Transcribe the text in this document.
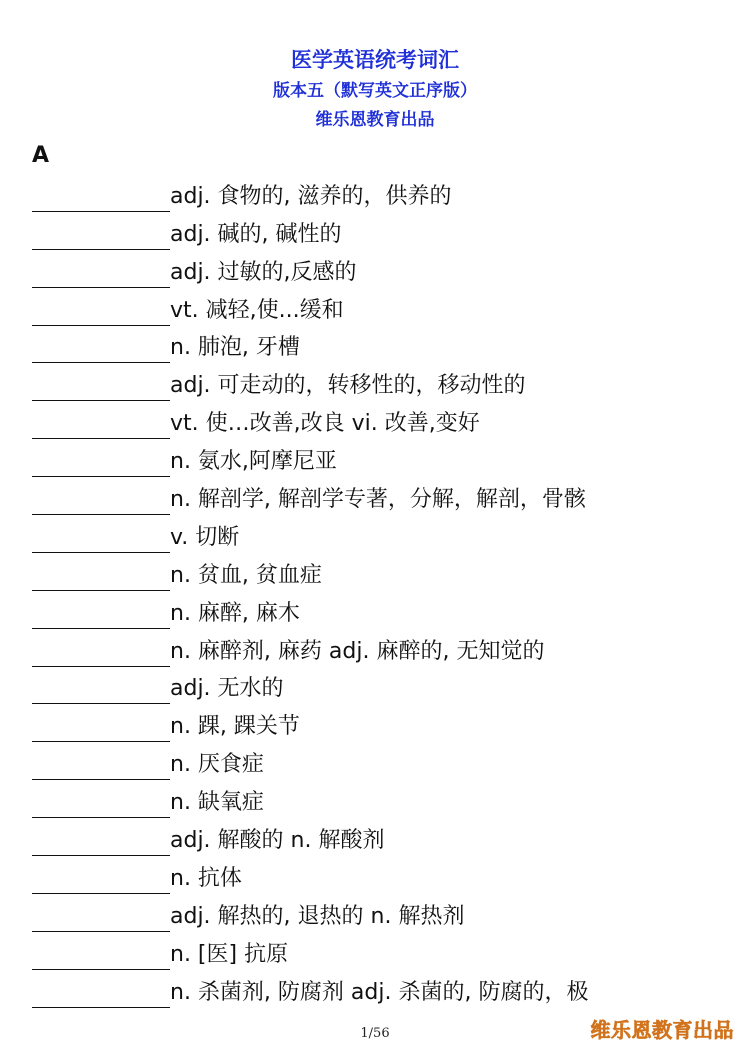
医学英语统考词汇
版本五（默写英文正序版）
维乐恩教育出品
A
adj. 食物的, 滋养的，供养的
adj. 碱的, 碱性的
adj. 过敏的,反感的
vt. 减轻,使...缓和
n. 肺泡, 牙槽
adj. 可走动的，转移性的，移动性的
vt. 使…改善,改良 vi. 改善,变好
n. 氨水,阿摩尼亚
n. 解剖学, 解剖学专著，分解，解剖，骨骸
v. 切断
n. 贫血, 贫血症
n. 麻醉, 麻木
n. 麻醉剂, 麻药 adj. 麻醉的, 无知觉的
adj. 无水的
n. 踝, 踝关节
n. 厌食症
n. 缺氧症
adj. 解酸的 n. 解酸剂
n. 抗体
adj. 解热的, 退热的 n. 解热剂
n. [医] 抗原
n. 杀菌剂, 防腐剂 adj. 杀菌的, 防腐的，极
1/56	维乐恩教育出品
